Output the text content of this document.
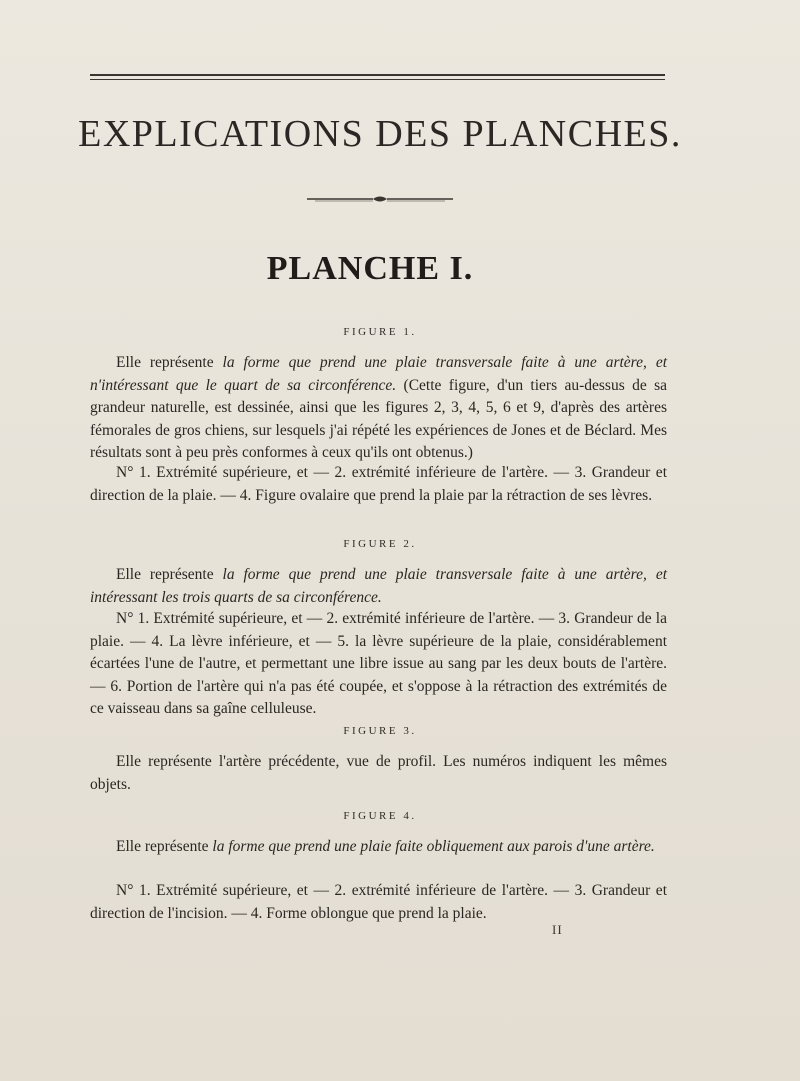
EXPLICATIONS DES PLANCHES.
PLANCHE I.
FIGURE 1.
Elle représente la forme que prend une plaie transversale faite à une artère, et n'intéressant que le quart de sa circonférence. (Cette figure, d'un tiers au-dessus de sa grandeur naturelle, est dessinée, ainsi que les figures 2, 3, 4, 5, 6 et 9, d'après des artères fémorales de gros chiens, sur lesquels j'ai répété les expériences de Jones et de Béclard. Mes résultats sont à peu près conformes à ceux qu'ils ont obtenus.)
N° 1. Extrémité supérieure, et — 2. extrémité inférieure de l'artère. — 3. Grandeur et direction de la plaie. — 4. Figure ovalaire que prend la plaie par la rétraction de ses lèvres.
FIGURE 2.
Elle représente la forme que prend une plaie transversale faite à une artère, et intéressant les trois quarts de sa circonférence.
N° 1. Extrémité supérieure, et — 2. extrémité inférieure de l'artère. — 3. Grandeur de la plaie. — 4. La lèvre inférieure, et — 5. la lèvre supérieure de la plaie, considérablement écartées l'une de l'autre, et permettant une libre issue au sang par les deux bouts de l'artère. — 6. Portion de l'artère qui n'a pas été coupée, et s'oppose à la rétraction des extrémités de ce vaisseau dans sa gaîne celluleuse.
FIGURE 3.
Elle représente l'artère précédente, vue de profil. Les numéros indiquent les mêmes objets.
FIGURE 4.
Elle représente la forme que prend une plaie faite obliquement aux parois d'une artère.
N° 1. Extrémité supérieure, et — 2. extrémité inférieure de l'artère. — 3. Grandeur et direction de l'incision. — 4. Forme oblongue que prend la plaie.
II
